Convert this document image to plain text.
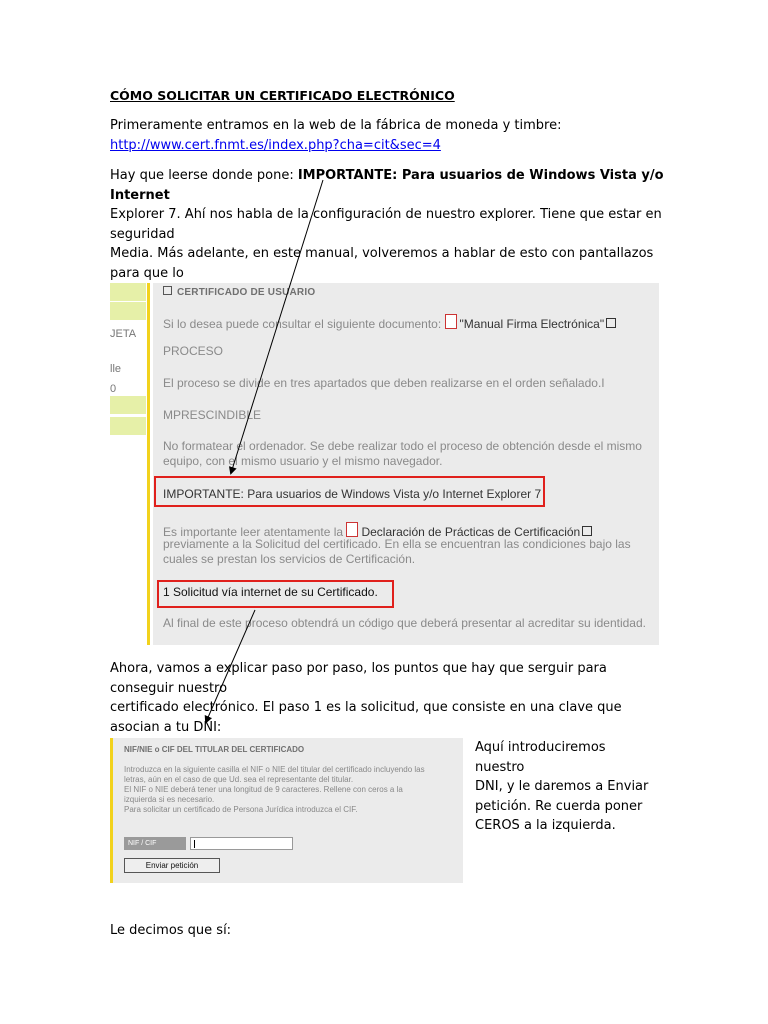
CÓMO SOLICITAR UN CERTIFICADO ELECTRÓNICO
Primeramente entramos en la web de la fábrica de moneda y timbre:
http://www.cert.fnmt.es/index.php?cha=cit&sec=4
Hay que leerse donde pone: IMPORTANTE: Para usuarios de Windows Vista y/o Internet
Explorer 7. Ahí nos habla de la configuración de nuestro explorer. Tiene que estar en seguridad
Media. Más adelante, en este manual, volveremos a hablar de esto con pantallazos para que lo
JETA
lle
0
CERTIFICADO DE USUARIO
Si lo desea puede consultar el siguiente documento: "Manual Firma Electrónica"
PROCESO
El proceso se divide en tres apartados que deben realizarse en el orden señalado.I
MPRESCINDIBLE
No formatear el ordenador. Se debe realizar todo el proceso de obtención desde el mismo
equipo, con el mismo usuario y el mismo navegador.
IMPORTANTE: Para usuarios de Windows Vista y/o Internet Explorer 7
Es importante leer atentamente la Declaración de Prácticas de Certificación
previamente a la Solicitud del certificado. En ella se encuentran las condiciones bajo las
cuales se prestan los servicios de Certificación.
1 Solicitud vía internet de su Certificado.
Al final de este proceso obtendrá un código que deberá presentar al acreditar su identidad.
Ahora, vamos a explicar paso por paso, los puntos que hay que serguir para conseguir nuestro
certificado electrónico. El paso 1 es la solicitud, que consiste en una clave que asocian a tu DNI:
NIF/NIE o CIF DEL TITULAR DEL CERTIFICADO
Introduzca en la siguiente casilla el NIF o NIE del titular del certificado incluyendo las
letras, aún en el caso de que Ud. sea el representante del titular.
El NIF o NIE deberá tener una longitud de 9 caracteres. Rellene con ceros a la
izquierda si es necesario.
Para solicitar un certificado de Persona Jurídica introduzca el CIF.
NIF / CIF
Enviar petición
Aquí introduciremos nuestro
DNI, y le daremos a Enviar
petición. Re cuerda poner
CEROS a la izquierda.
Le decimos que sí:
